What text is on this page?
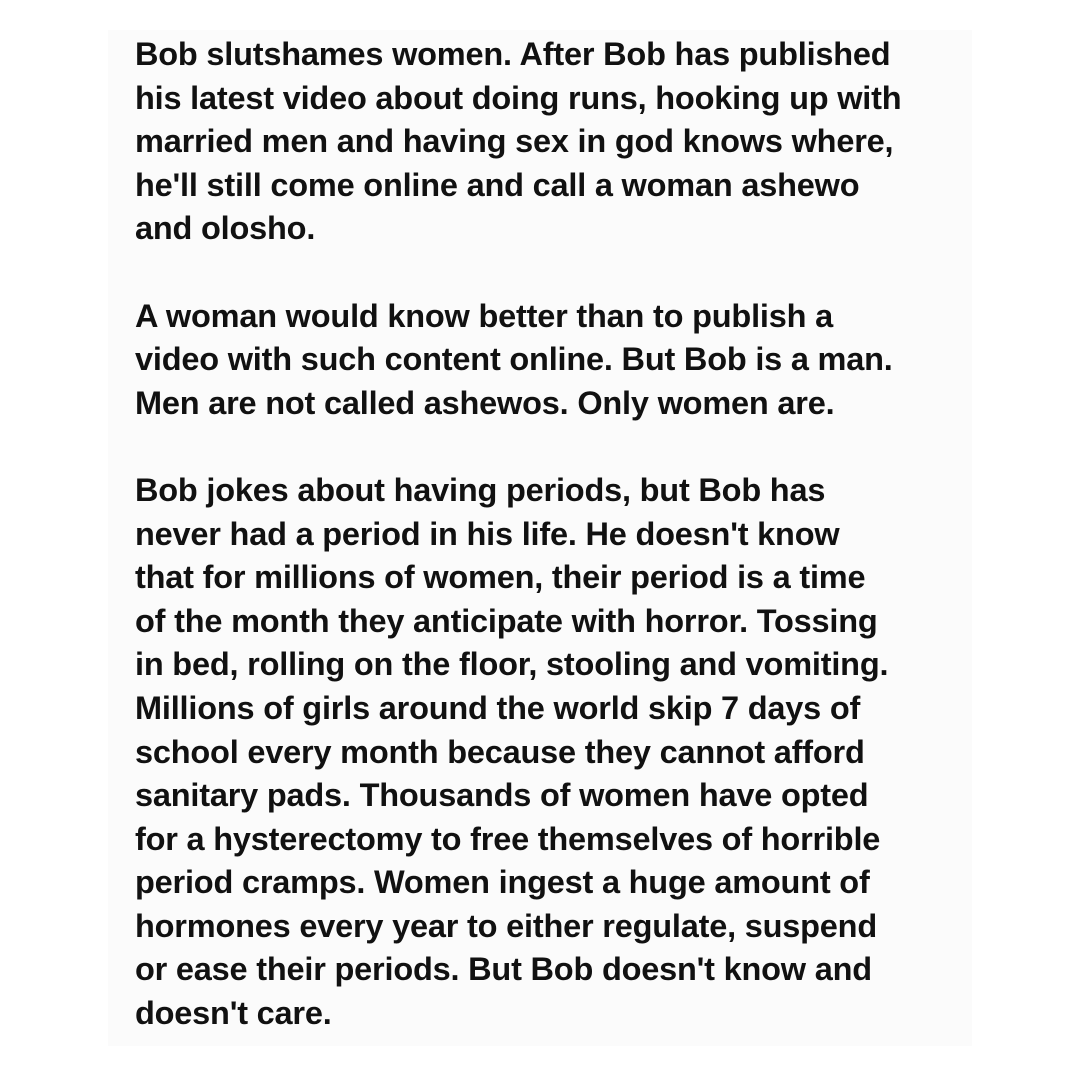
Bob slutshames women. After Bob has published
his latest video about doing runs, hooking up with
married men and having sex in god knows where,
he'll still come online and call a woman ashewo
and olosho.
A woman would know better than to publish a
video with such content online. But Bob is a man.
Men are not called ashewos. Only women are.
Bob jokes about having periods, but Bob has
never had a period in his life. He doesn't know
that for millions of women, their period is a time
of the month they anticipate with horror. Tossing
in bed, rolling on the floor, stooling and vomiting.
Millions of girls around the world skip 7 days of
school every month because they cannot afford
sanitary pads. Thousands of women have opted
for a hysterectomy to free themselves of horrible
period cramps. Women ingest a huge amount of
hormones every year to either regulate, suspend
or ease their periods. But Bob doesn't know and
doesn't care.
